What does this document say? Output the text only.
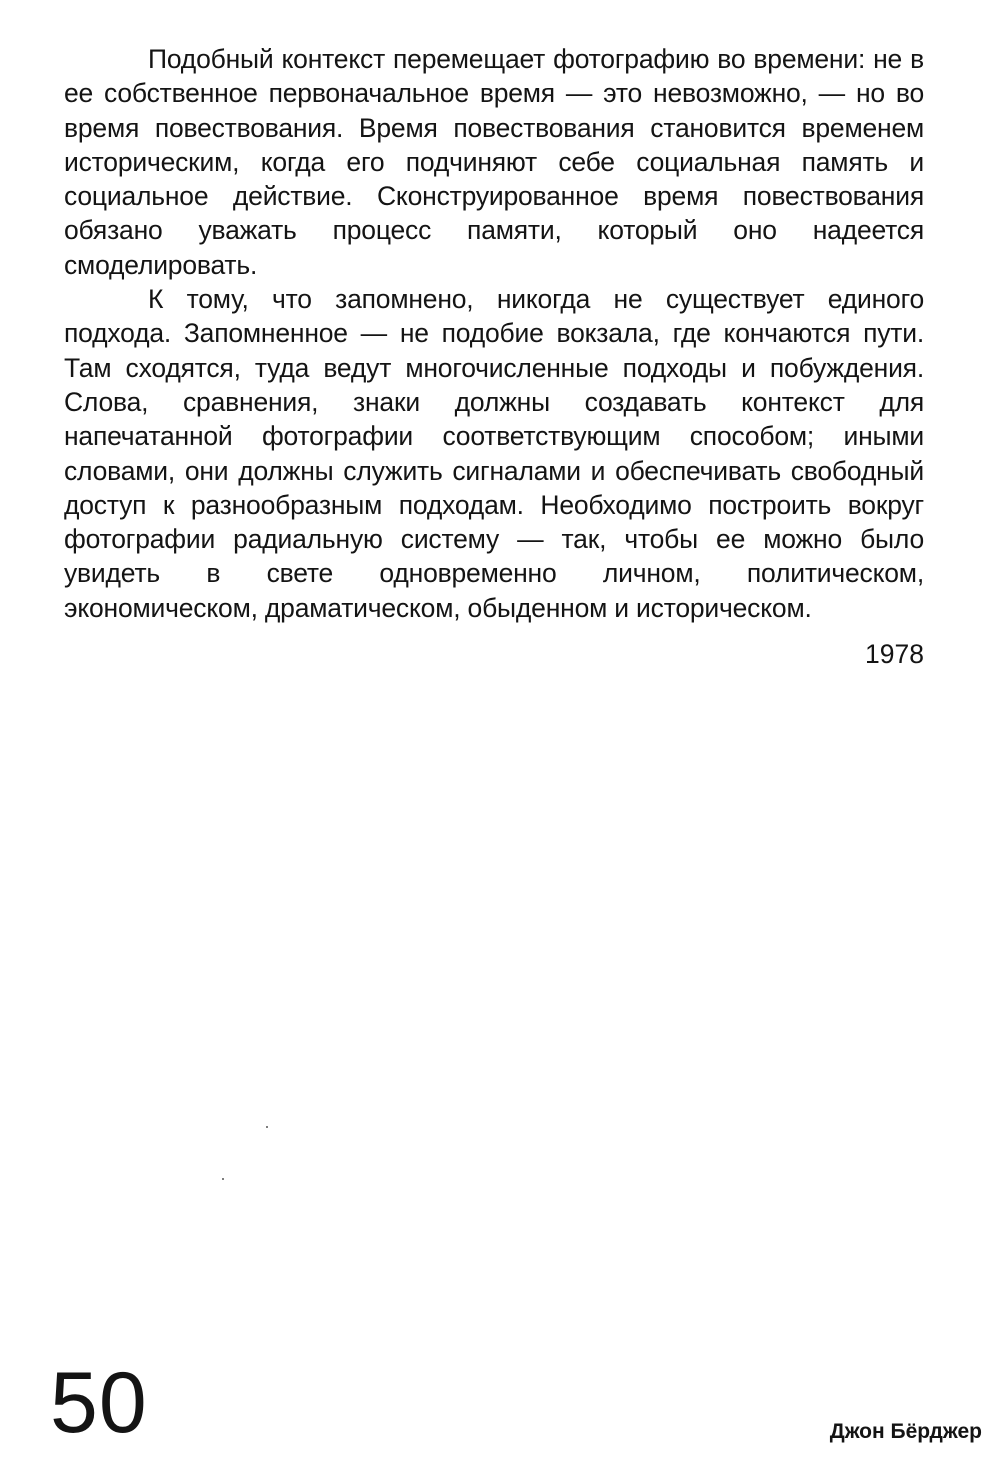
Подобный контекст перемещает фотографию во времени: не в ее собственное первоначальное время — это невозможно, — но во время повествования. Время повествования становится временем историческим, когда его подчиняют себе социальная память и социальное действие. Сконструированное время повествования обязано уважать процесс памяти, который оно надеется смоделировать.

К тому, что запомнено, никогда не существует единого подхода. Запомненное — не подобие вокзала, где кончаются пути. Там сходятся, туда ведут многочисленные подходы и побуждения. Слова, сравнения, знаки должны создавать контекст для напечатанной фотографии соответствующим способом; иными словами, они должны служить сигналами и обеспечивать свободный доступ к разнообразным подходам. Необходимо построить вокруг фотографии радиальную систему — так, чтобы ее можно было увидеть в свете одновременно личном, политическом, экономическом, драматическом, обыденном и историческом.

1978

50	Джон Бёрджер
